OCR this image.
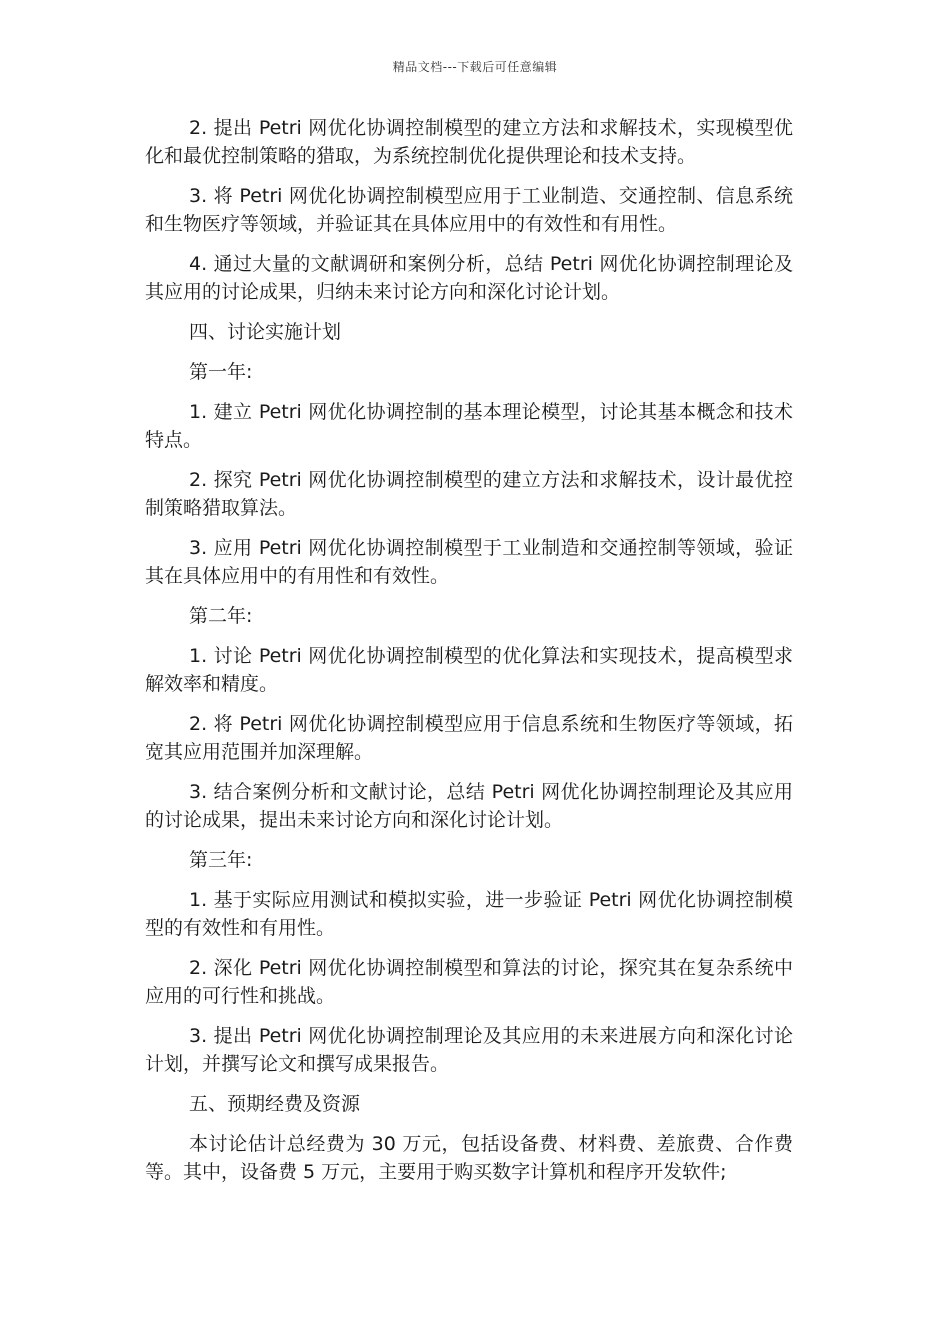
精品文档---下载后可任意编辑

2. 提出 Petri 网优化协调控制模型的建立方法和求解技术，实现模型优化和最优控制策略的猎取，为系统控制优化提供理论和技术支持。

3. 将 Petri 网优化协调控制模型应用于工业制造、交通控制、信息系统和生物医疗等领域，并验证其在具体应用中的有效性和有用性。

4. 通过大量的文献调研和案例分析，总结 Petri 网优化协调控制理论及其应用的讨论成果，归纳未来讨论方向和深化讨论计划。

四、讨论实施计划

第一年:

1. 建立 Petri 网优化协调控制的基本理论模型，讨论其基本概念和技术特点。

2. 探究 Petri 网优化协调控制模型的建立方法和求解技术，设计最优控制策略猎取算法。

3. 应用 Petri 网优化协调控制模型于工业制造和交通控制等领域，验证其在具体应用中的有用性和有效性。

第二年:

1. 讨论 Petri 网优化协调控制模型的优化算法和实现技术，提高模型求解效率和精度。

2. 将 Petri 网优化协调控制模型应用于信息系统和生物医疗等领域，拓宽其应用范围并加深理解。

3. 结合案例分析和文献讨论，总结 Petri 网优化协调控制理论及其应用的讨论成果，提出未来讨论方向和深化讨论计划。

第三年:

1. 基于实际应用测试和模拟实验，进一步验证 Petri 网优化协调控制模型的有效性和有用性。

2. 深化 Petri 网优化协调控制模型和算法的讨论，探究其在复杂系统中应用的可行性和挑战。

3. 提出 Petri 网优化协调控制理论及其应用的未来进展方向和深化讨论计划，并撰写论文和撰写成果报告。

五、预期经费及资源

本讨论估计总经费为 30 万元，包括设备费、材料费、差旅费、合作费等。其中，设备费 5 万元，主要用于购买数字计算机和程序开发软件;
